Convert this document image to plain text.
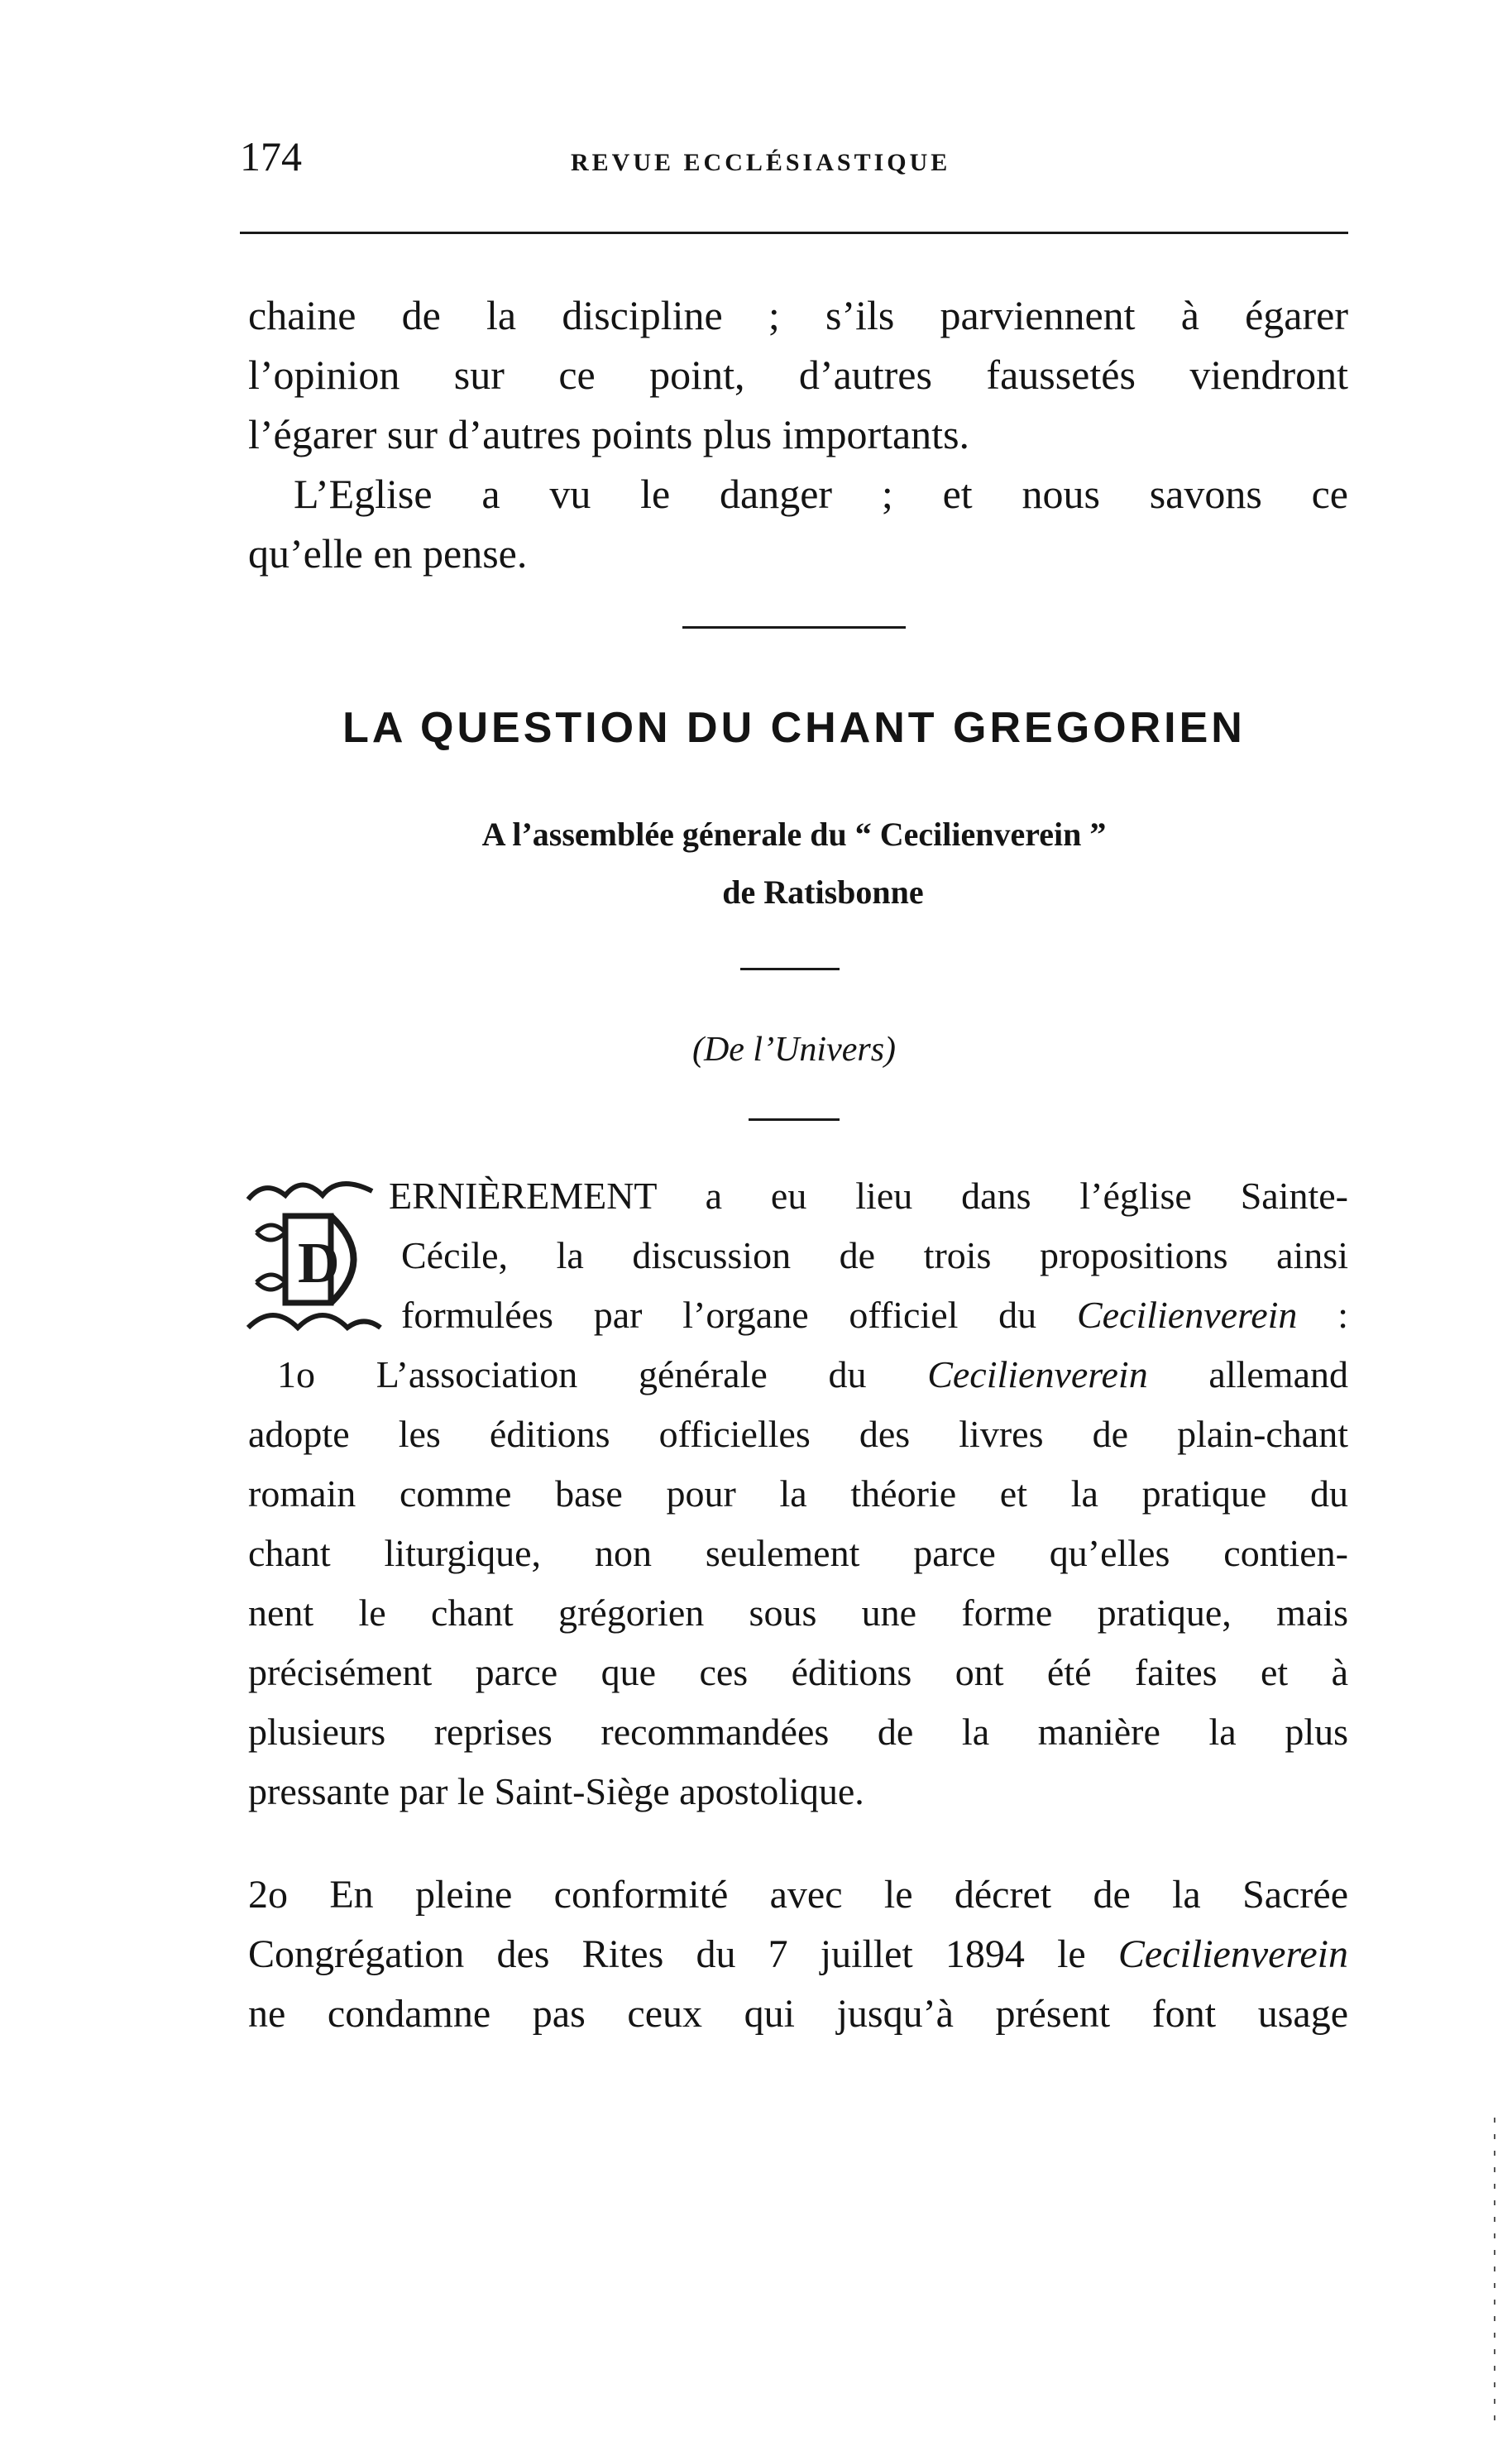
174	REVUE ECCLÉSIASTIQUE
chaine de la discipline ; s’ils parviennent à égarer
l’opinion sur ce point, d’autres faussetés viendront
l’égarer sur d’autres points plus importants.
L’Eglise a vu le danger ; et nous savons ce
qu’elle en pense.
LA QUESTION DU CHANT GREGORIEN
A l’assemblée génerale du “ Cecilienverein ”
de Ratisbonne
(De l’Univers)
D
ERNIÈREMENT a eu lieu dans l’église Sainte-
Cécile, la discussion de trois propositions ainsi
formulées par l’organe officiel du Cecilienverein :
1o L’association générale du Cecilienverein allemand
adopte les éditions officielles des livres de plain-chant
romain comme base pour la théorie et la pratique du
chant liturgique, non seulement parce qu’elles contien-
nent le chant grégorien sous une forme pratique, mais
précisément parce que ces éditions ont été faites et à
plusieurs reprises recommandées de la manière la plus
pressante par le Saint-Siège apostolique.
2o En pleine conformité avec le décret de la Sacrée
Congrégation des Rites du 7 juillet 1894 le Cecilienverein
ne condamne pas ceux qui jusqu’à présent font usage
